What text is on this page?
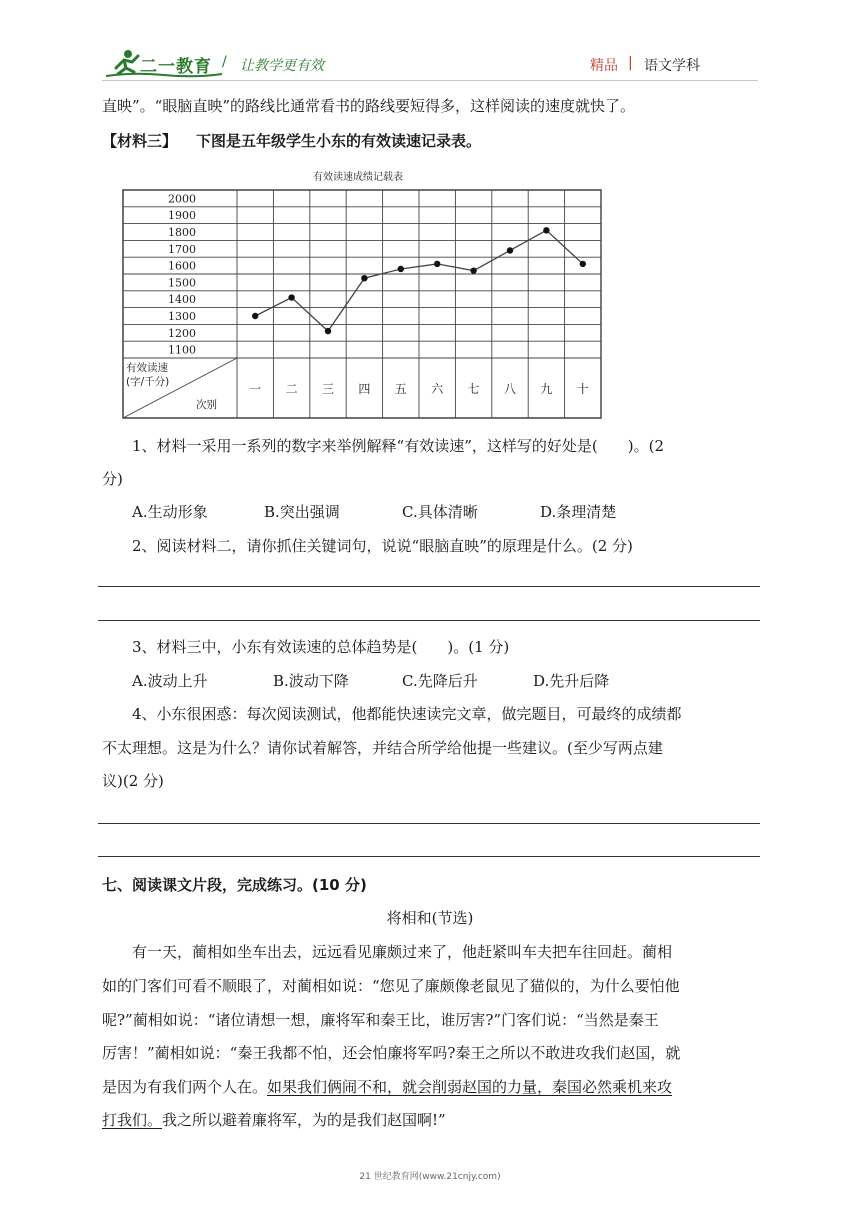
二一教育 / 让教学更有效	精品 | 语文学科
直映”。“眼脑直映”的路线比通常看书的路线要短得多，这样阅读的速度就快了。
【材料三】 下图是五年级学生小东的有效读速记录表。
有效读速成绩记载表
2000
1900
1800
1700
1600
1500
1400
1300
1200
1100
一 二 三 四 五 六 七 八 九 十
有效读速
(字/千分)
次别
1、材料一采用一系列的数字来举例解释“有效读速”，这样写的好处是(　　)。(2
分)
A.生动形象	B.突出强调	C.具体清晰	D.条理清楚
2、阅读材料二，请你抓住关键词句，说说“眼脑直映”的原理是什么。(2 分)
3、材料三中，小东有效读速的总体趋势是(　　)。(1 分)
A.波动上升	B.波动下降	C.先降后升	D.先升后降
4、小东很困惑：每次阅读测试，他都能快速读完文章，做完题目，可最终的成绩都
不太理想。这是为什么？请你试着解答，并结合所学给他提一些建议。(至少写两点建
议)(2 分)
七、阅读课文片段，完成练习。(10 分)
将相和(节选)
有一天，蔺相如坐车出去，远远看见廉颇过来了，他赶紧叫车夫把车往回赶。蔺相
如的门客们可看不顺眼了，对蔺相如说：“您见了廉颇像老鼠见了猫似的，为什么要怕他
呢?”蔺相如说：“诸位请想一想，廉将军和秦王比，谁厉害?”门客们说：“当然是秦王
厉害！”蔺相如说：“秦王我都不怕，还会怕廉将军吗?秦王之所以不敢进攻我们赵国，就
是因为有我们两个人在。如果我们俩闹不和，就会削弱赵国的力量，秦国必然乘机来攻
打我们。我之所以避着廉将军，为的是我们赵国啊!”
21 世纪教育网(www.21cnjy.com)
